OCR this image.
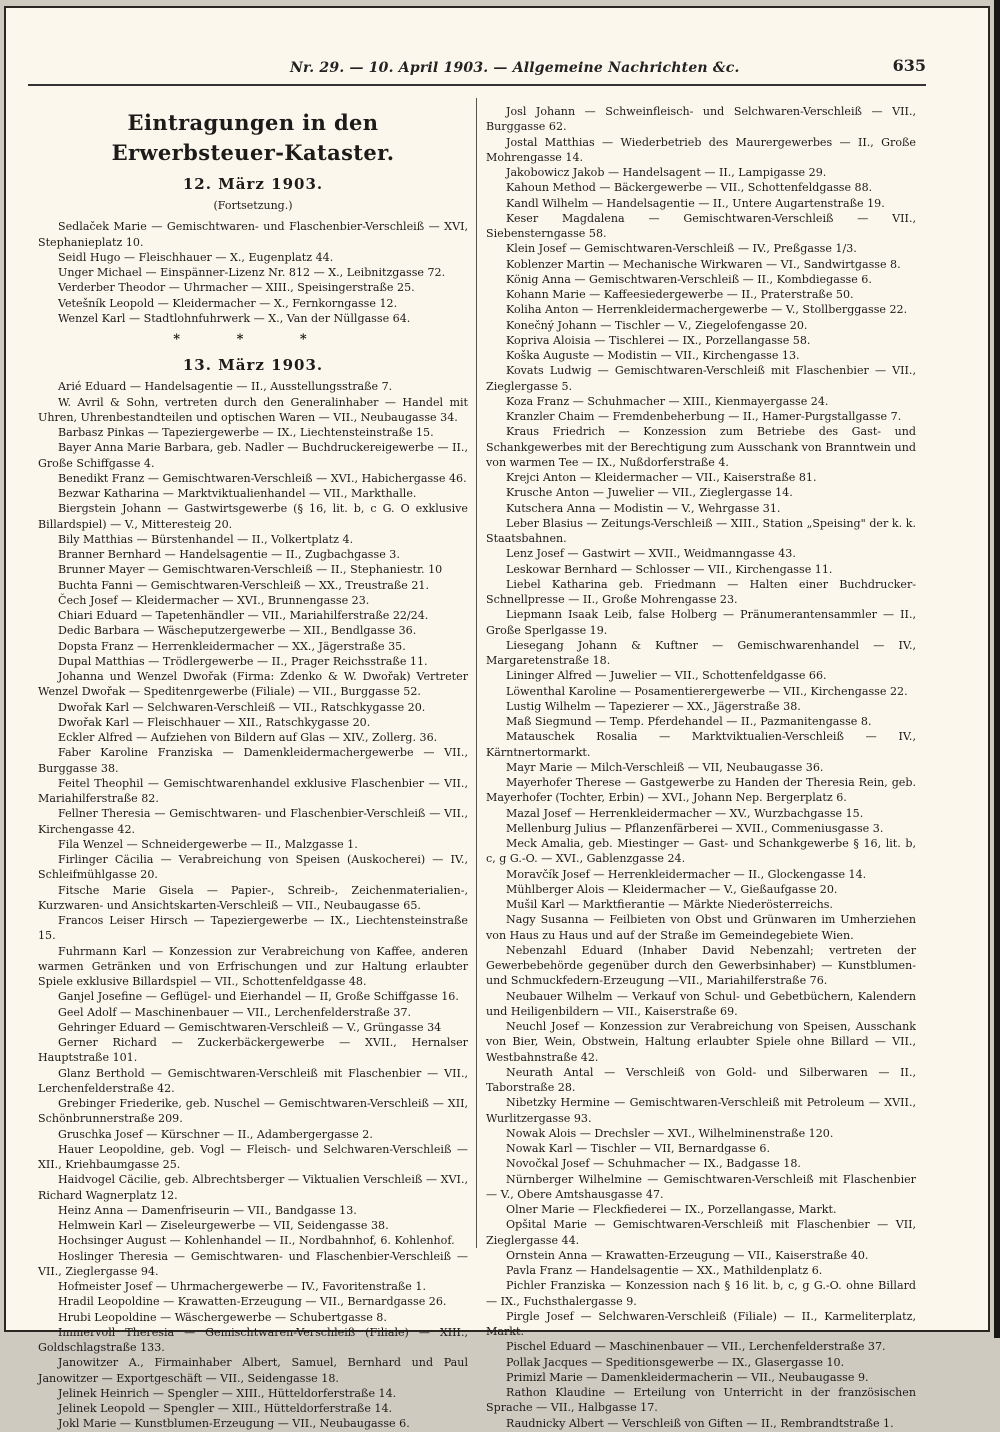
Nr. 29. — 10. April 1903. — Allgemeine Nachrichten &c.	635
Eintragungen in den Erwerbsteuer-Kataster.
12. März 1903.
(Fortsetzung.)

Sedlaček Marie — Gemischtwaren- und Flaschenbier-Verschleiß — XVI, Stephanieplatz 10.

Seidl Hugo — Fleischhauer — X., Eugenplatz 44.

Unger Michael — Einspänner-Lizenz Nr. 812 — X., Leibnitzgasse 72.

Verderber Theodor — Uhrmacher — XIII., Speisingerstraße 25.

Vetešník Leopold — Kleidermacher — X., Fernkorngasse 12.

Wenzel Karl — Stadtlohnfuhrwerk — X., Van der Nüllgasse 64.

* * *
13. März 1903.

Arié Eduard — Handelsagentie — II., Ausstellungsstraße 7.

W. Avril & Sohn, vertreten durch den Generalinhaber — Handel mit Uhren, Uhrenbestandteilen und optischen Waren — VII., Neubaugasse 34.

Barbasz Pinkas — Tapeziergewerbe — IX., Liechtensteinstraße 15.

Bayer Anna Marie Barbara, geb. Nadler — Buchdruckereigewerbe — II., Große Schiffgasse 4.

Benedikt Franz — Gemischtwaren-Verschleiß — XVI., Habichergasse 46.

Bezwar Katharina — Marktviktualienhandel — VII., Markthalle.

Biergstein Johann — Gastwirtsgewerbe (§ 16, lit. b, c G. O exklusive Billardspiel) — V., Mitteresteig 20.

Bily Matthias — Bürstenhandel — II., Volkertplatz 4.

Branner Bernhard — Handelsagentie — II., Zugbachgasse 3.

Brunner Mayer — Gemischtwaren-Verschleiß — II., Stephaniestr. 10

Buchta Fanni — Gemischtwaren-Verschleiß — XX., Treustraße 21.

Čech Josef — Kleidermacher — XVI., Brunnengasse 23.

Chiari Eduard — Tapetenhändler — VII., Mariahilferstraße 22/24.

Dedic Barbara — Wäscheputzergewerbe — XII., Bendlgasse 36.

Dopsta Franz — Herrenkleidermacher — XX., Jägerstraße 35.

Dupal Matthias — Trödlergewerbe — II., Prager Reichsstraße 11.

Johanna und Wenzel Dwořak (Firma: Zdenko & W. Dwořak) Vertreter Wenzel Dwořak — Speditenrgewerbe (Filiale) — VII., Burggasse 52.

Dwořak Karl — Selchwaren-Verschleiß — VII., Ratschkygasse 20.

Dwořak Karl — Fleischhauer — XII., Ratschkygasse 20.

Eckler Alfred — Aufziehen von Bildern auf Glas — XIV., Zollerg. 36.

Faber Karoline Franziska — Damenkleidermachergewerbe — VII., Burggasse 38.

Feitel Theophil — Gemischtwarenhandel exklusive Flaschenbier — VII., Mariahilferstraße 82.

Fellner Theresia — Gemischtwaren- und Flaschenbier-Verschleiß — VII., Kirchengasse 42.

Fila Wenzel — Schneidergewerbe — II., Malzgasse 1.

Firlinger Cäcilia — Verabreichung von Speisen (Auskocherei) — IV., Schleifmühlgasse 20.

Fitsche Marie Gisela — Papier-, Schreib-, Zeichenmaterialien-, Kurzwaren- und Ansichtskarten-Verschleiß — VII., Neubaugasse 65.

Francos Leiser Hirsch — Tapeziergewerbe — IX., Liechtensteinstraße 15.

Fuhrmann Karl — Konzession zur Verabreichung von Kaffee, anderen warmen Getränken und von Erfrischungen und zur Haltung erlaubter Spiele exklusive Billardspiel — VII., Schottenfeldgasse 48.

Ganjel Josefine — Geflügel- und Eierhandel — II, Große Schiffgasse 16.

Geel Adolf — Maschinenbauer — VII., Lerchenfelderstraße 37.

Gehringer Eduard — Gemischtwaren-Verschleiß — V., Grüngasse 34

Gerner Richard — Zuckerbäckergewerbe — XVII., Hernalser Hauptstraße 101.

Glanz Berthold — Gemischtwaren-Verschleiß mit Flaschenbier — VII., Lerchenfelderstraße 42.

Grebinger Friederike, geb. Nuschel — Gemischtwaren-Verschleiß — XII, Schönbrunnerstraße 209.

Gruschka Josef — Kürschner — II., Adambergergasse 2.

Hauer Leopoldine, geb. Vogl — Fleisch- und Selchwaren-Verschleiß — XII., Kriehbaumgasse 25.

Haidvogel Cäcilie, geb. Albrechtsberger — Viktualien Verschleiß — XVI., Richard Wagnerplatz 12.

Heinz Anna — Damenfriseurin — VII., Bandgasse 13.

Helmwein Karl — Ziseleurgewerbe — VII, Seidengasse 38.

Hochsinger August — Kohlenhandel — II., Nordbahnhof, 6. Kohlenhof.

Hoslinger Theresia — Gemischtwaren- und Flaschenbier-Verschleiß — VII., Zieglergasse 94.

Hofmeister Josef — Uhrmachergewerbe — IV., Favoritenstraße 1.

Hradil Leopoldine — Krawatten-Erzeugung — VII., Bernardgasse 26.

Hrubi Leopoldine — Wäschergewerbe — Schubertgasse 8.

Immervoll Theresia — Gemischtwaren-Verschleiß (Filiale) — XIII., Goldschlagstraße 133.

Janowitzer A., Firmainhaber Albert, Samuel, Bernhard und Paul Janowitzer — Exportgeschäft — VII., Seidengasse 18.

Jelinek Heinrich — Spengler — XIII., Hütteldorferstraße 14.

Jelinek Leopold — Spengler — XIII., Hütteldorferstraße 14.

Jokl Marie — Kunstblumen-Erzeugung — VII., Neubaugasse 6.

Josl Johann — Schweinfleisch- und Selchwaren-Verschleiß — VII., Burggasse 62.

Jostal Matthias — Wiederbetrieb des Maurergewerbes — II., Große Mohrengasse 14.

Jakobowicz Jakob — Handelsagent — II., Lampigasse 29.

Kahoun Method — Bäckergewerbe — VII., Schottenfeldgasse 88.

Kandl Wilhelm — Handelsagentie — II., Untere Augartenstraße 19.

Keser Magdalena — Gemischtwaren-Verschleiß — VII., Siebensterngasse 58.

Klein Josef — Gemischtwaren-Verschleiß — IV., Preßgasse 1/3.

Koblenzer Martin — Mechanische Wirkwaren — VI., Sandwirtgasse 8.

König Anna — Gemischtwaren-Verschleiß — II., Kombdiegasse 6.

Kohann Marie — Kaffeesiedergewerbe — II., Praterstraße 50.

Koliha Anton — Herrenkleidermachergewerbe — V., Stollberggasse 22.

Konečný Johann — Tischler — V., Ziegelofengasse 20.

Kopriva Aloisia — Tischlerei — IX., Porzellangasse 58.

Koška Auguste — Modistin — VII., Kirchengasse 13.

Kovats Ludwig — Gemischtwaren-Verschleiß mit Flaschenbier — VII., Zieglergasse 5.

Koza Franz — Schuhmacher — XIII., Kienmayergasse 24.

Kranzler Chaim — Fremdenbeherbung — II., Hamer-Purgstallgasse 7.

Kraus Friedrich — Konzession zum Betriebe des Gast- und Schankgewerbes mit der Berechtigung zum Ausschank von Branntwein und von warmen Tee — IX., Nußdorferstraße 4.

Krejci Anton — Kleidermacher — VII., Kaiserstraße 81.

Krusche Anton — Juwelier — VII., Zieglergasse 14.

Kutschera Anna — Modistin — V., Wehrgasse 31.

Leber Blasius — Zeitungs-Verschleiß — XIII., Station „Speising" der k. k. Staatsbahnen.

Lenz Josef — Gastwirt — XVII., Weidmanngasse 43.

Leskowar Bernhard — Schlosser — VII., Kirchengasse 11.

Liebel Katharina geb. Friedmann — Halten einer Buchdrucker-Schnellpresse — II., Große Mohrengasse 23.

Liepmann Isaak Leib, false Holberg — Pränumerantensammler — II., Große Sperlgasse 19.

Liesegang Johann & Kuftner — Gemischwarenhandel — IV., Margaretenstraße 18.

Lininger Alfred — Juwelier — VII., Schottenfeldgasse 66.

Löwenthal Karoline — Posamentierergewerbe — VII., Kirchengasse 22.

Lustig Wilhelm — Tapezierer — XX., Jägerstraße 38.

Maß Siegmund — Temp. Pferdehandel — II., Pazmanitengasse 8.

Matauschek Rosalia — Marktviktualien-Verschleiß — IV., Kärntnertormarkt.

Mayr Marie — Milch-Verschleiß — VII, Neubaugasse 36.

Mayerhofer Therese — Gastgewerbe zu Handen der Theresia Rein, geb. Mayerhofer (Tochter, Erbin) — XVI., Johann Nep. Bergerplatz 6.

Mazal Josef — Herrenkleidermacher — XV., Wurzbachgasse 15.

Mellenburg Julius — Pflanzenfärberei — XVII., Commeniusgasse 3.

Meck Amalia, geb. Miestinger — Gast- und Schankgewerbe § 16, lit. b, c, g G.-O. — XVI., Gablenzgasse 24.

Moravčík Josef — Herrenkleidermacher — II., Glockengasse 14.

Mühlberger Alois — Kleidermacher — V., Gießaufgasse 20.

Mušil Karl — Marktfierantie — Märkte Niederösterreichs.

Nagy Susanna — Feilbieten von Obst und Grünwaren im Umherziehen von Haus zu Haus und auf der Straße im Gemeindegebiete Wien.

Nebenzahl Eduard (Inhaber David Nebenzahl; vertreten der Gewerbebehörde gegenüber durch den Gewerbsinhaber) — Kunstblumen- und Schmuckfedern-Erzeugung —VII., Mariahilferstraße 76.

Neubauer Wilhelm — Verkauf von Schul- und Gebetbüchern, Kalendern und Heiligenbildern — VII., Kaiserstraße 69.

Neuchl Josef — Konzession zur Verabreichung von Speisen, Ausschank von Bier, Wein, Obstwein, Haltung erlaubter Spiele ohne Billard — VII., Westbahnstraße 42.

Neurath Antal — Verschleiß von Gold- und Silberwaren — II., Taborstraße 28.

Nibetzky Hermine — Gemischtwaren-Verschleiß mit Petroleum — XVII., Wurlitzergasse 93.

Nowak Alois — Drechsler — XVI., Wilhelminenstraße 120.

Nowak Karl — Tischler — VII, Bernardgasse 6.

Novočkal Josef — Schuhmacher — IX., Badgasse 18.

Nürnberger Wilhelmine — Gemischtwaren-Verschleiß mit Flaschenbier — V., Obere Amtshausgasse 47.

Olner Marie — Fleckfiederei — IX., Porzellangasse, Markt.

Opšital Marie — Gemischtwaren-Verschleiß mit Flaschenbier — VII, Zieglergasse 44.

Ornstein Anna — Krawatten-Erzeugung — VII., Kaiserstraße 40.

Pavla Franz — Handelsagentie — XX., Mathildenplatz 6.

Pichler Franziska — Konzession nach § 16 lit. b, c, g G.-O. ohne Billard — IX., Fuchsthalergasse 9.

Pirgle Josef — Selchwaren-Verschleiß (Filiale) — II., Karmeliterplatz, Markt.

Pischel Eduard — Maschinenbauer — VII., Lerchenfelderstraße 37.

Pollak Jacques — Speditionsgewerbe — IX., Glasergasse 10.

Primizl Marie — Damenkleidermacherin — VII., Neubaugasse 9.

Rathon Klaudine — Erteilung von Unterricht in der französischen Sprache — VII., Halbgasse 17.

Raudnicky Albert — Verschleiß von Giften — II., Rembrandtstraße 1.
